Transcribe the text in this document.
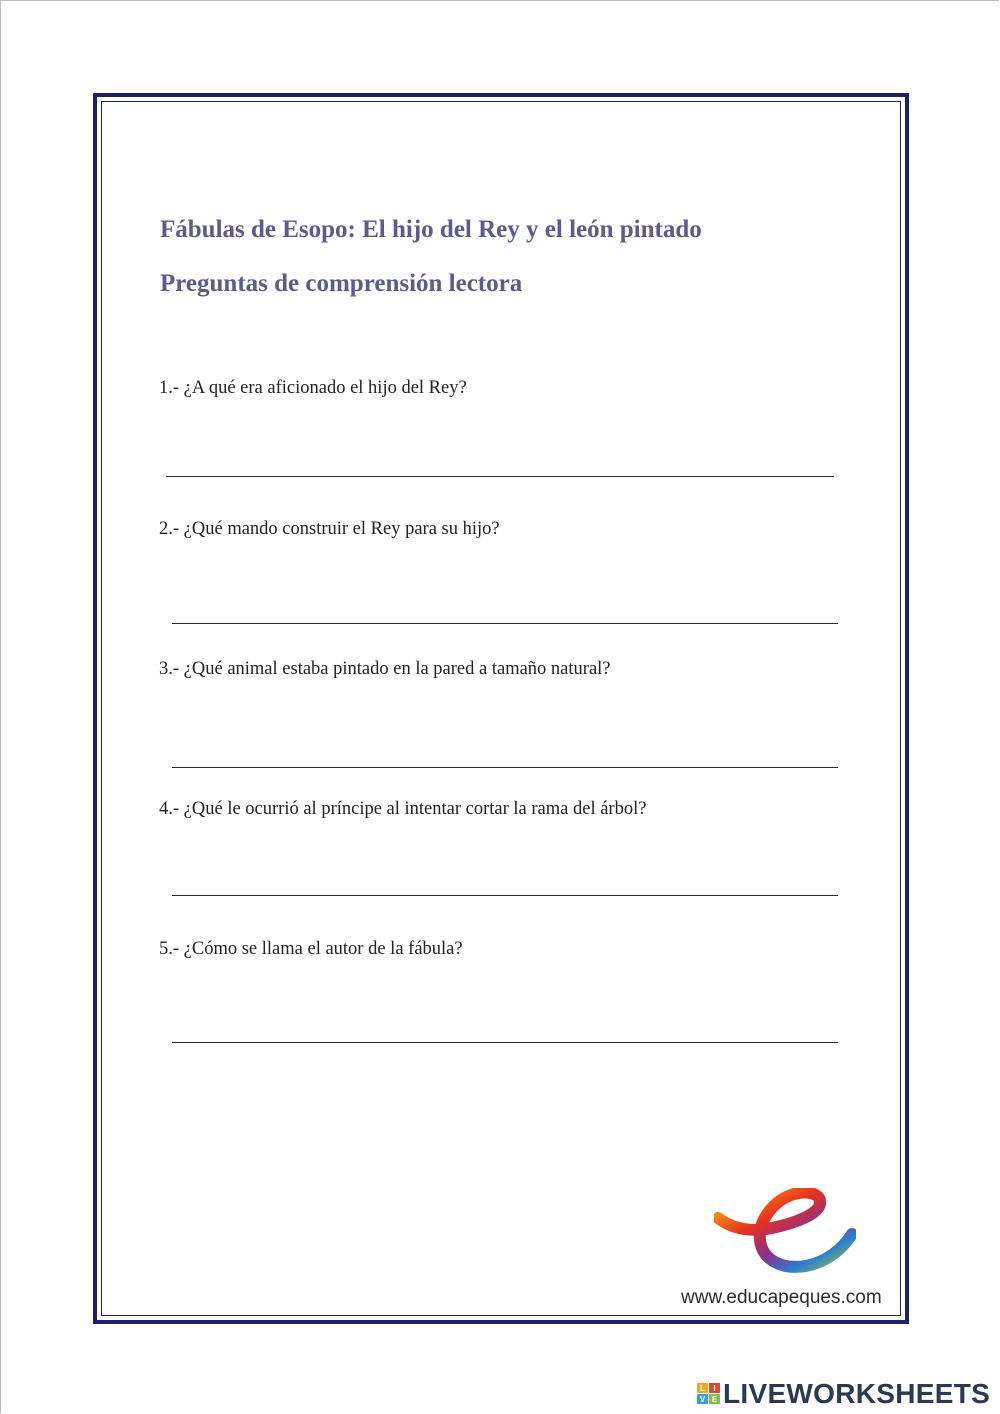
Fábulas de Esopo: El hijo del Rey y el león pintado
Preguntas de comprensión lectora
1.- ¿A qué era aficionado el hijo del Rey?
2.- ¿Qué mando construir el Rey para su hijo?
3.- ¿Qué animal estaba pintado en la pared a tamaño natural?
4.- ¿Qué le ocurrió al príncipe al intentar cortar la rama del árbol?
5.- ¿Cómo se llama el autor de la fábula?
www.educapeques.com
L I
V E LIVEWORKSHEETS
